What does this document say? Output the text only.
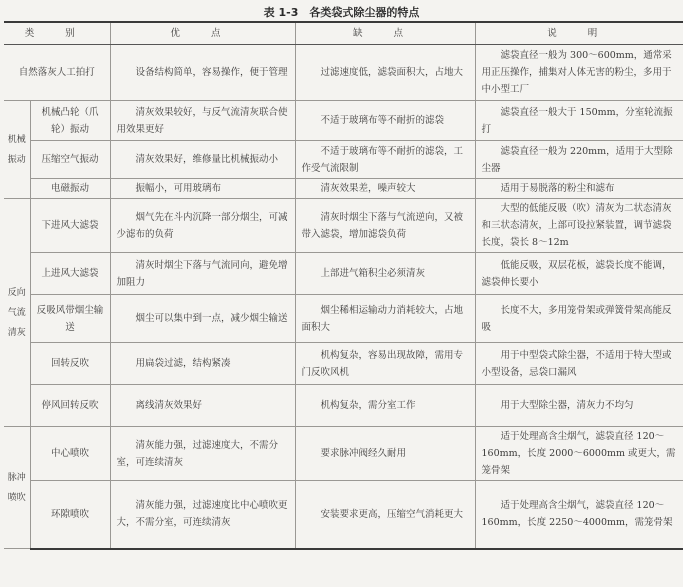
表 1-3　各类袋式除尘器的特点
类 别		优 点	缺 点	说 明
自然落灰人工拍打		设备结构简单，容易操作，便于管理	过滤速度低，滤袋面积大，占地大	滤袋直径一般为 300～600mm，通常采用正压操作，捕集对人体无害的粉尘，多用于中小型工厂
机械振动	机械凸轮（爪轮）振动	清灰效果较好，与反气流清灰联合使用效果更好	不适于玻璃布等不耐折的滤袋	滤袋直径一般大于 150mm，分室轮流振打
	压缩空气振动	清灰效果好，维修量比机械振动小	不适于玻璃布等不耐折的滤袋，工作受气流限制	滤袋直径一般为 220mm，适用于大型除尘器
	电磁振动	振幅小，可用玻璃布	清灰效果差，噪声较大	适用于易脱落的粉尘和滤布
反向气流清灰	下进风大滤袋	烟气先在斗内沉降一部分烟尘，可减少滤布的负荷	清灰时烟尘下落与气流逆向，又被带入滤袋，增加滤袋负荷	大型的低能反吸（吹）清灰为二状态清灰和三状态清灰，上部可设拉紧装置，调节滤袋长度，袋长 8～12m
	上进风大滤袋	清灰时烟尘下落与气流同向，避免增加阻力	上部进气箱积尘必须清灰	低能反吸，双层花板，滤袋长度不能调，滤袋伸长要小
	反吸风带烟尘输送	烟尘可以集中到一点，减少烟尘输送	烟尘稀相运输动力消耗较大，占地面积大	长度不大，多用笼骨架或弹簧骨架高能反吸
	回转反吹	用扁袋过滤，结构紧凑	机构复杂，容易出现故障，需用专门反吹风机	用于中型袋式除尘器，不适用于特大型或小型设备，忌袋口漏风
	停风回转反吹	离线清灰效果好	机构复杂，需分室工作	用于大型除尘器，清灰力不均匀
脉冲喷吹	中心喷吹	清灰能力强，过滤速度大，不需分室，可连续清灰	要求脉冲阀经久耐用	适于处理高含尘烟气，滤袋直径 120～160mm，长度 2000～6000mm 或更大，需笼骨架
	环隙喷吹	清灰能力强，过滤速度比中心喷吹更大，不需分室，可连续清灰	安装要求更高，压缩空气消耗更大	适于处理高含尘烟气，滤袋直径 120～160mm，长度 2250～4000mm，需笼骨架
